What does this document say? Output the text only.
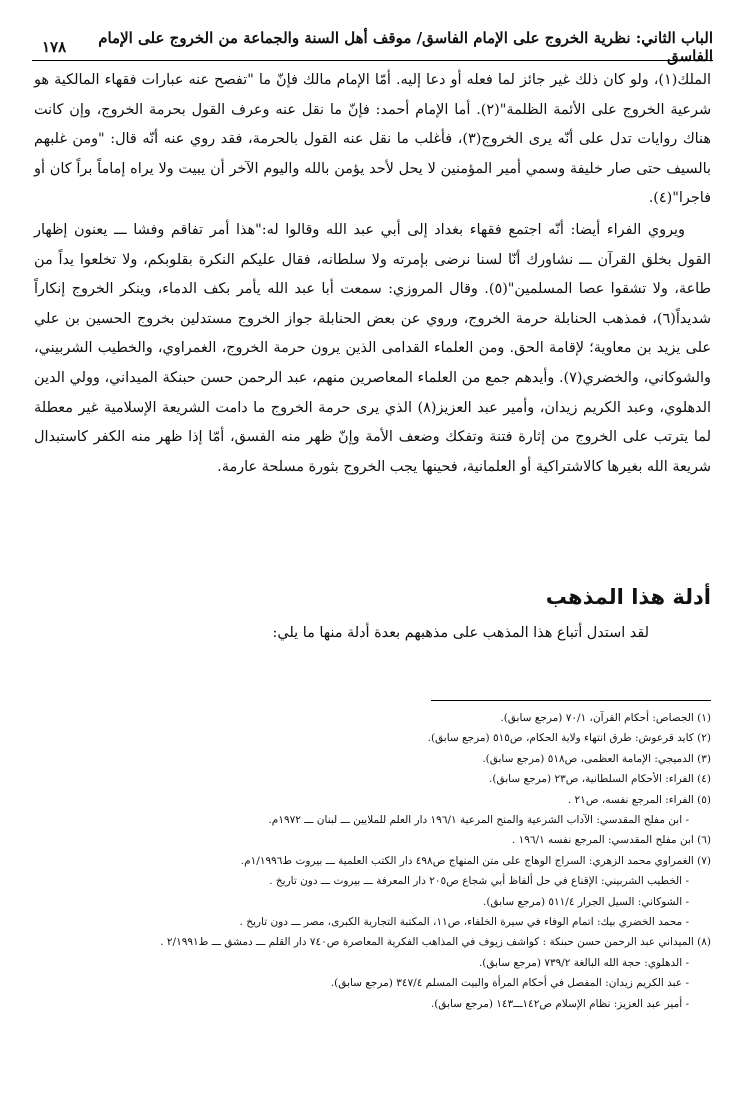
الباب الثاني: نظرية الخروج على الإمام الفاسق/ موقف أهل السنة والجماعة من الخروج على الإمام الفاسق
١٧٨

الملك(١)، ولو كان ذلك غير جائز لما فعله أو دعا إليه. أمّا الإمام مالك فإنّ ما "تفصح عنه عبارات فقهاء المالكية هو شرعية الخروج على الأئمة الظلمة"(٢). أما الإمام أحمد: فإنّ ما نقل عنه وعرف القول بحرمة الخروج، وإن كانت هناك روايات تدل على أنّه يرى الخروج(٣)، فأغلب ما نقل عنه القول بالحرمة، فقد روي عنه أنّه قال: "ومن غلبهم بالسيف حتى صار خليفة وسمي أمير المؤمنين لا يحل لأحد يؤمن بالله واليوم الآخر أن يبيت ولا يراه إماماً براً كان أو فاجرا"(٤).

ويروي الفراء أيضا: أنّه اجتمع فقهاء بغداد إلى أبي عبد الله وقالوا له:"هذا أمر تفاقم وفشا ـــ يعنون إظهار القول بخلق القرآن ـــ نشاورك أنّا لسنا نرضى بإمرته ولا سلطانه، فقال عليكم النكرة بقلوبكم، ولا تخلعوا يداً من طاعة، ولا تشقوا عصا المسلمين"(٥). وقال المروزي: سمعت أبا عبد الله يأمر بكف الدماء، وينكر الخروج إنكاراً شديداً(٦)، فمذهب الحنابلة حرمة الخروج، وروي عن بعض الحنابلة جواز الخروج مستدلين بخروج الحسين بن علي على يزيد بن معاوية؛ لإقامة الحق. ومن العلماء القدامى الذين يرون حرمة الخروج، الغمراوي، والخطيب الشربيني، والشوكاني، والخضري(٧). وأيدهم جمع من العلماء المعاصرين منهم، عبد الرحمن حسن حبنكة الميداني، وولي الدين الدهلوي، وعبد الكريم زيدان، وأمير عبد العزيز(٨) الذي يرى حرمة الخروج ما دامت الشريعة الإسلامية غير معطلة لما يترتب على الخروج من إثارة فتنة وتفكك وضعف الأمة وإنّ ظهر منه الفسق، أمّا إذا ظهر منه الكفر كاستبدال شريعة الله بغيرها كالاشتراكية أو العلمانية، فحينها يجب الخروج بثورة مسلحة عارمة.

أدلة هذا المذهب
لقد استدل أتباع هذا المذهب على مذهبهم بعدة أدلة منها ما يلي:
(١) الجصاص: أحكام القرآن، ٧٠/١ (مرجع سابق).
(٢) كايد قرعوش: طرق انتهاء ولاية الحكام، ص٥١٥ (مرجع سابق).
(٣) الدميجي: الإمامة العظمى، ص٥١٨ (مرجع سابق).
(٤) الفراء: الأحكام السلطانية، ص٢٣ (مرجع سابق).
(٥) الفراء: المرجع نفسه، ص٢١ .
- ابن مفلح المقدسي: الآداب الشرعية والمنح المرعية ١٩٦/١ دار العلم للملايين ـــ لبنان ـــ ١٩٧٢م.
(٦) ابن مفلح المقدسي: المرجع نفسه ١٩٦/١ .
(٧) الغمراوي محمد الزهري: السراج الوهاج على متن المنهاج ص٤٩٨ دار الكتب العلمية ـــ بيروت ط١/١٩٩٦م.
- الخطيب الشربيني: الإقناع في حل ألفاظ أبي شجاع ص٢٠٥ دار المعرفة ـــ بيروت ـــ دون تاريخ .
- الشوكاني: السيل الجرار ٥١١/٤ (مرجع سابق).
- محمد الخضري بيك: اتمام الوفاء في سيرة الخلفاء، ص١١، المكتبة التجارية الكبرى، مصر ـــ دون تاريخ .
(٨) الميداني عبد الرحمن حسن حبنكة : كواشف زيوف في المذاهب الفكرية المعاصرة ص٧٤٠ دار القلم ـــ دمشق ـــ ط٢/١٩٩١ .
- الدهلوي: حجة الله البالغة ٧٣٩/٢ (مرجع سابق).
- عبد الكريم زيدان: المفصل في أحكام المرأة والبيت المسلم ٣٤٧/٤ (مرجع سابق).
- أمير عبد العزيز: نظام الإسلام ص١٤٢ـــ١٤٣ (مرجع سابق).
